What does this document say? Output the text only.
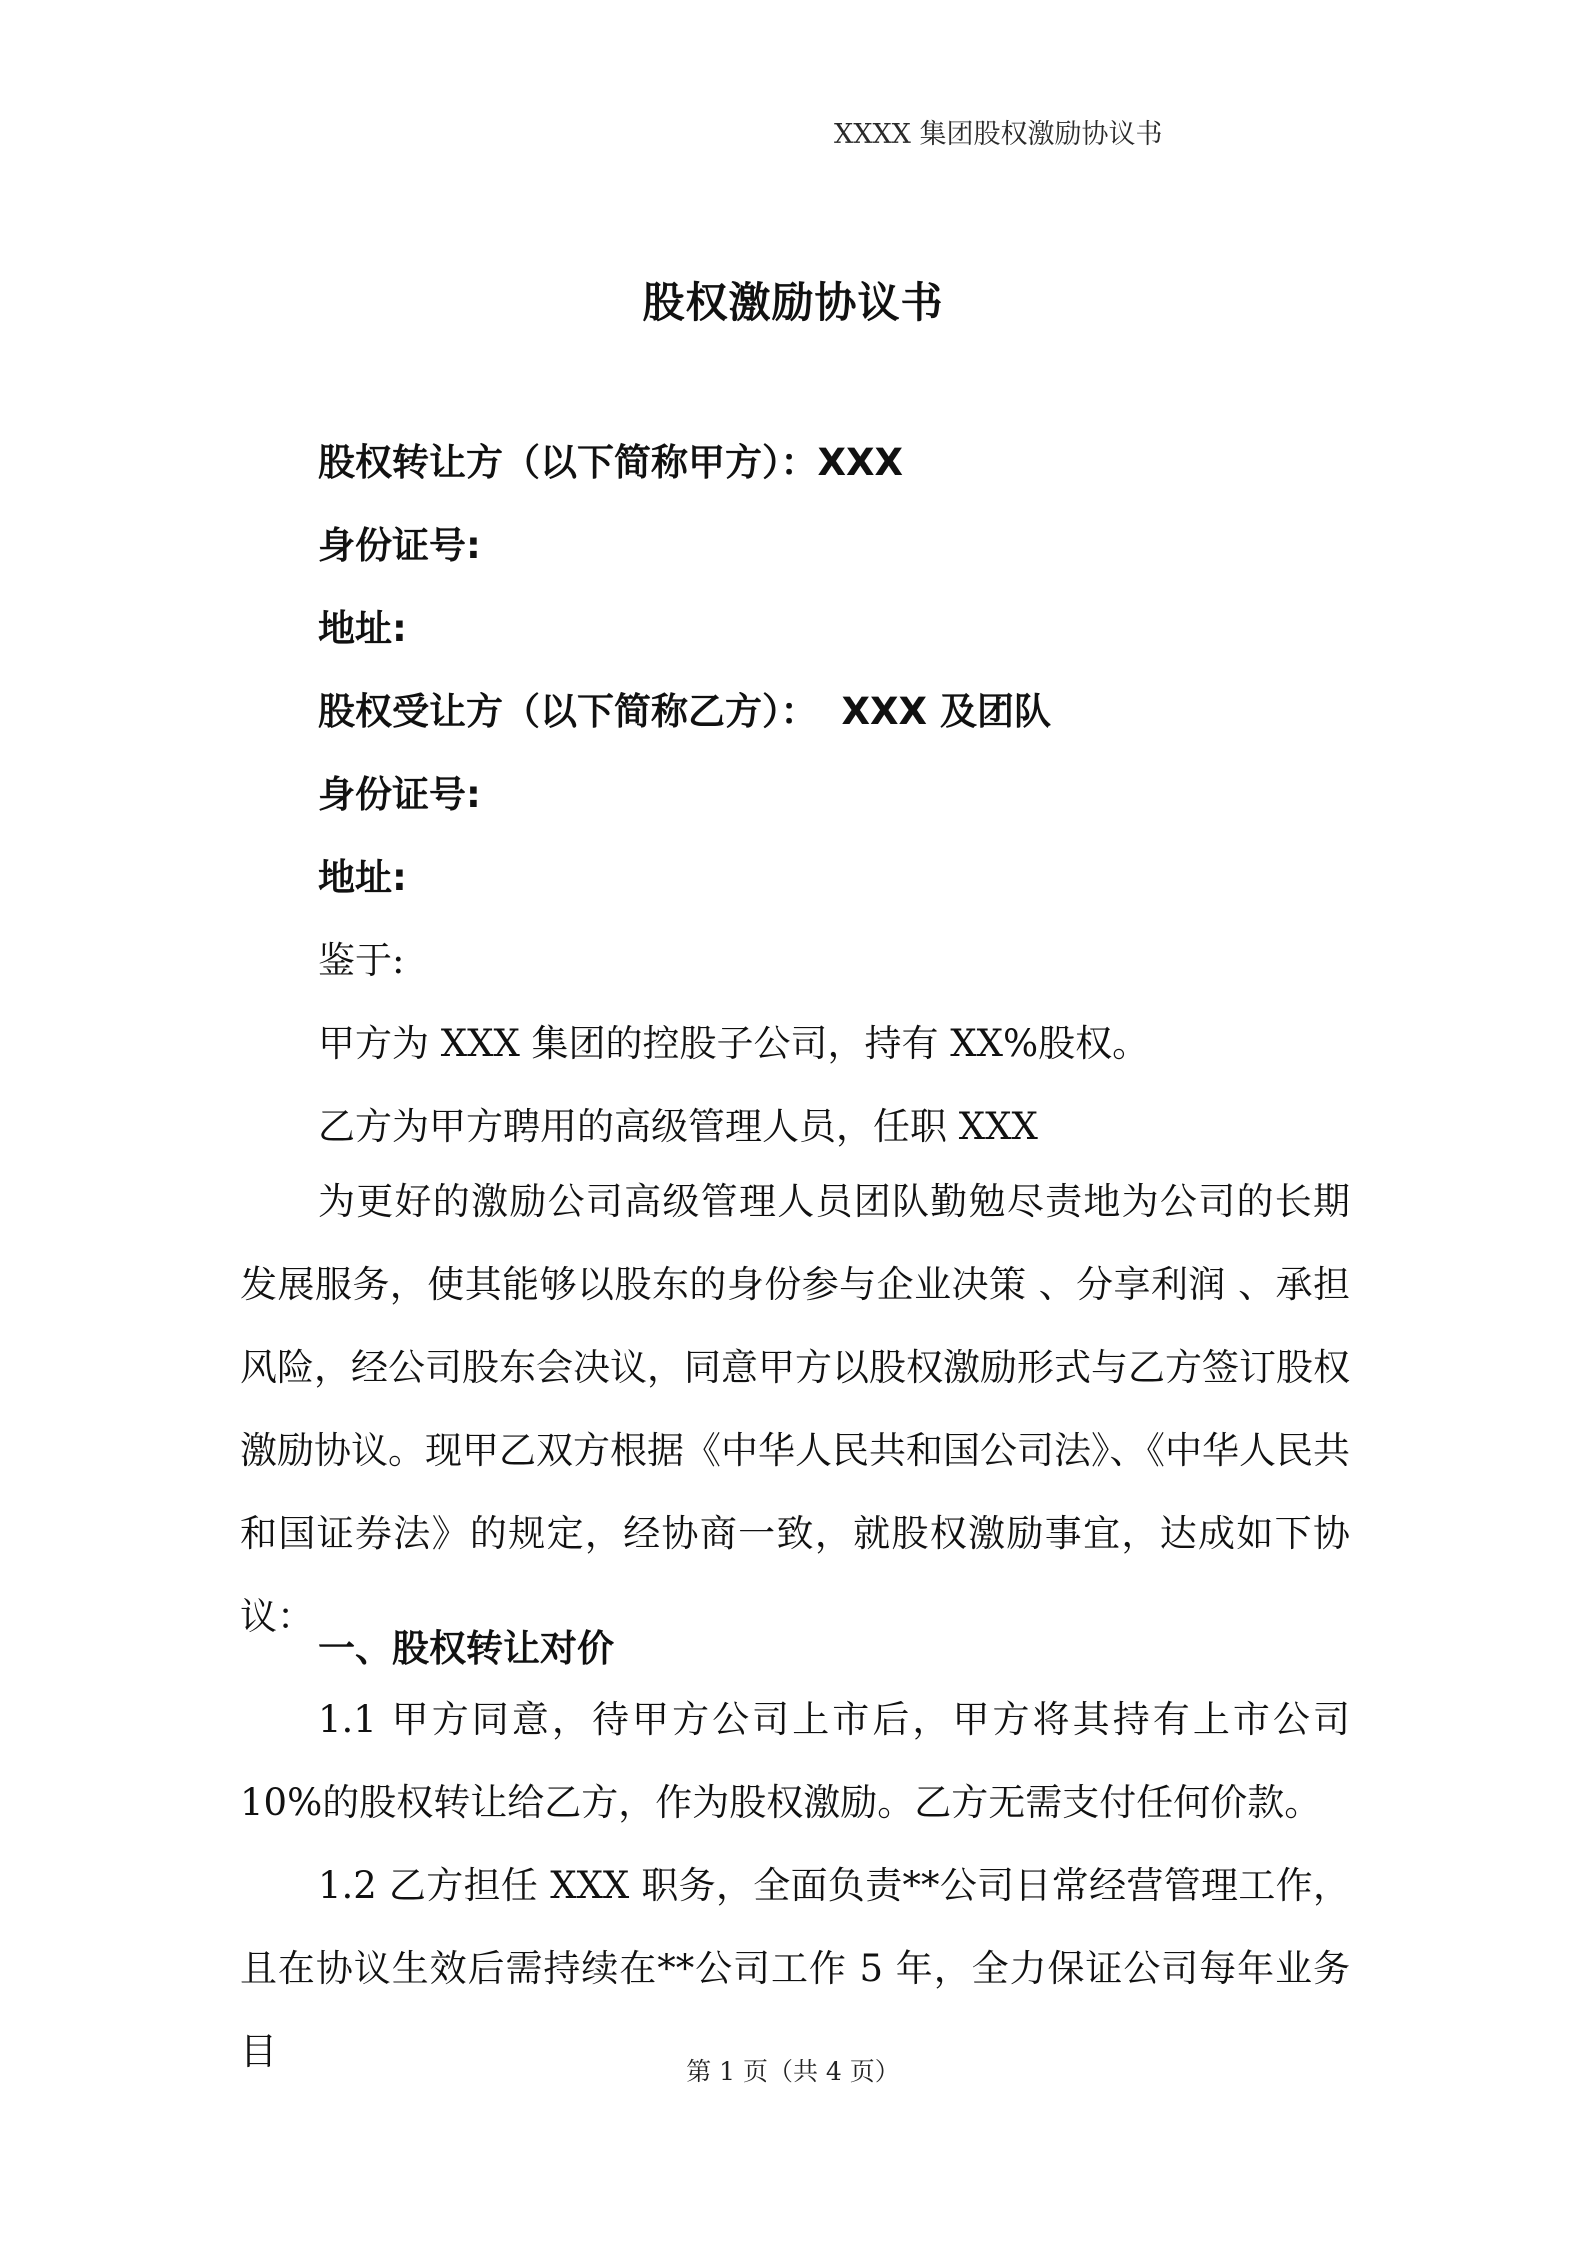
XXXX 集团股权激励协议书
股权激励协议书
股权转让方（以下简称甲方）：XXX
身份证号:
地址:
股权受让方（以下简称乙方）： XXX 及团队
身份证号:
地址:
鉴于:
甲方为 XXX 集团的控股子公司，持有 XX%股权。
乙方为甲方聘用的高级管理人员，任职 XXX
为更好的激励公司高级管理人员团队勤勉尽责地为公司的长期发展服务，使其能够以股东的身份参与企业决策 、分享利润 、承担风险，经公司股东会决议，同意甲方以股权激励形式与乙方签订股权激励协议。现甲乙双方根据《中华人民共和国公司法》、《中华人民共和国证券法》的规定，经协商一致，就股权激励事宜，达成如下协议：
一、股权转让对价
1.1 甲方同意，待甲方公司上市后，甲方将其持有上市公司 10%的股权转让给乙方，作为股权激励。乙方无需支付任何价款。
1.2 乙方担任 XXX 职务，全面负责**公司日常经营管理工作，且在协议生效后需持续在**公司工作 5 年，全力保证公司每年业务目	第 1 页（共 4 页）
